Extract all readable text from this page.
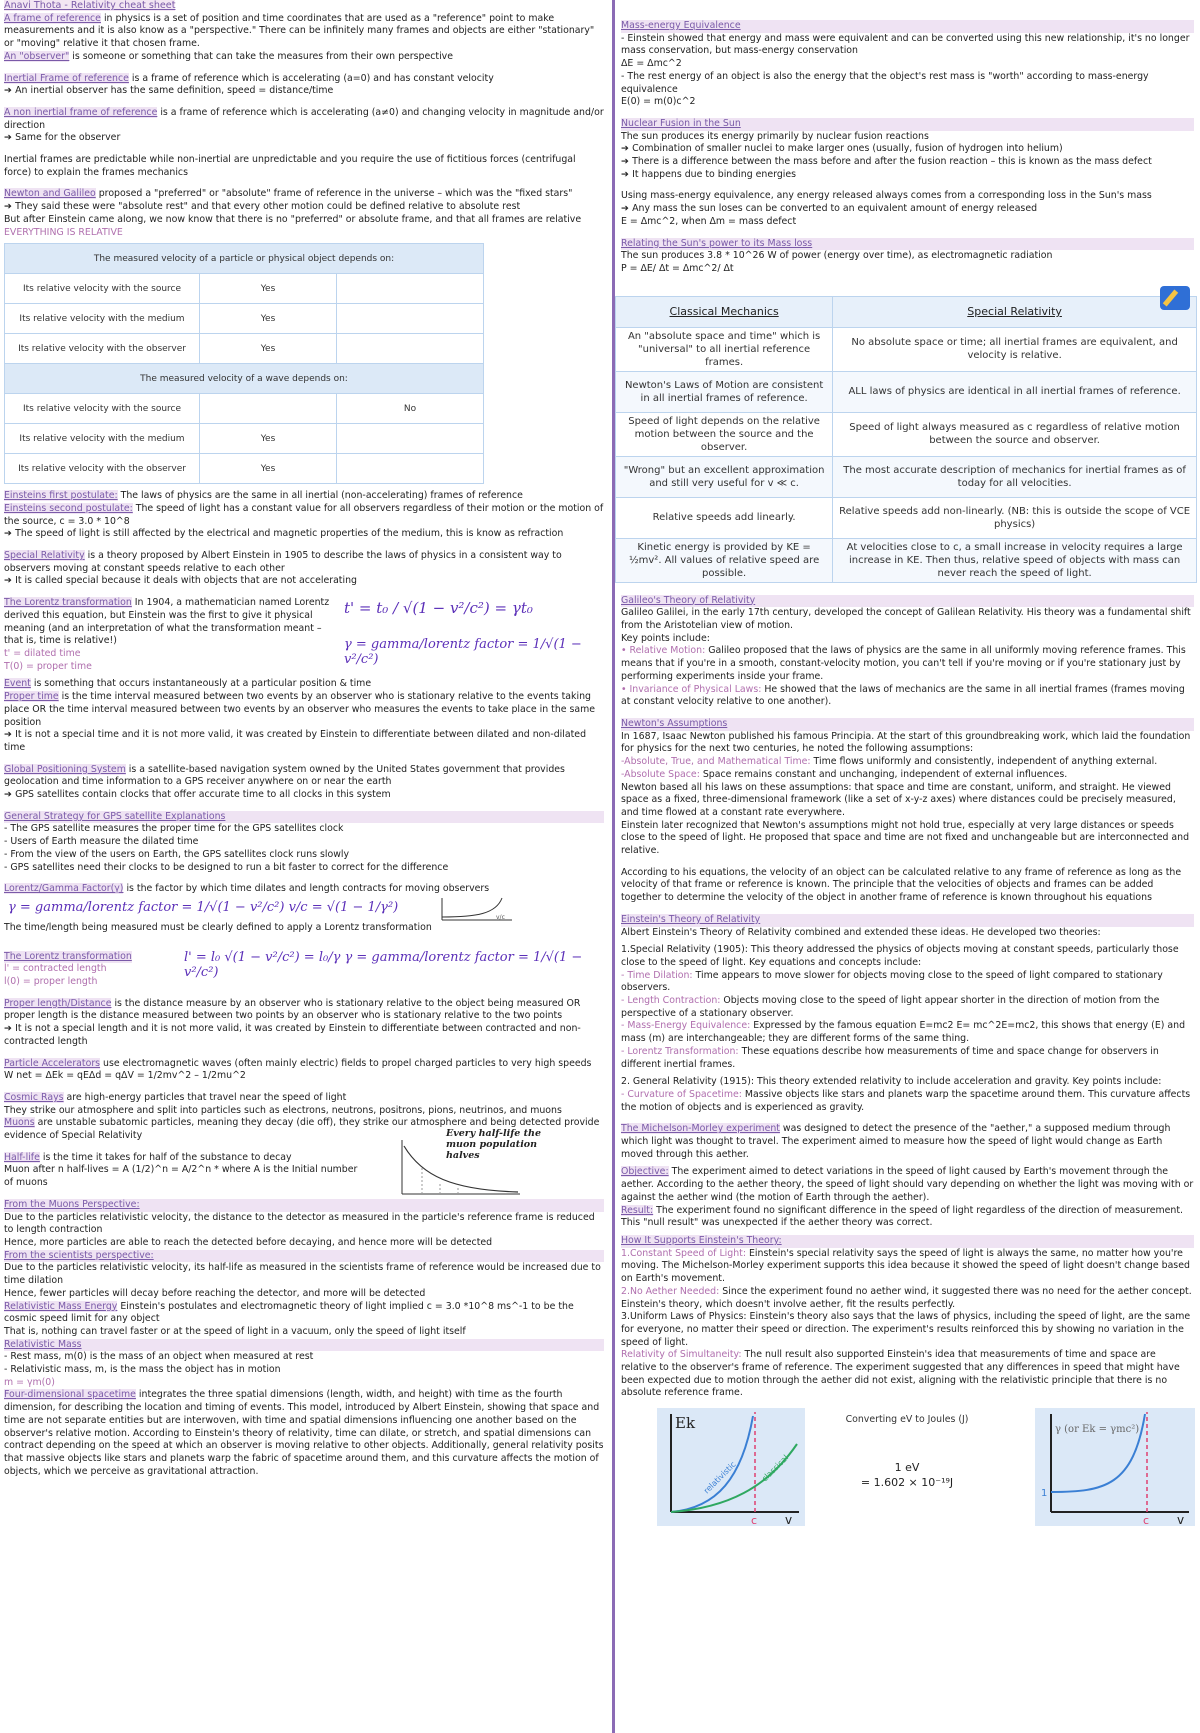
Anavi Thota - Relativity cheat sheet

A frame of reference in physics is a set of position and time coordinates that are used as a "reference" point to make measurements and it is also know as a "perspective." There can be infinitely many frames and objects are either "stationary" or "moving" relative it that chosen frame.

An "observer" is someone or something that can take the measures from their own perspective

Inertial Frame of reference is a frame of reference which is accelerating (a=0) and has constant velocity

➔ An inertial observer has the same definition, speed = distance/time

A non inertial frame of reference is a frame of reference which is accelerating (a≠0) and changing velocity in magnitude and/or direction

➔ Same for the observer

Inertial frames are predictable while non-inertial are unpredictable and you require the use of fictitious forces (centrifugal force) to explain the frames mechanics

Newton and Galileo proposed a "preferred" or "absolute" frame of reference in the universe – which was the "fixed stars"

➔ They said these were "absolute rest" and that every other motion could be defined relative to absolute rest

But after Einstein came along, we now know that there is no "preferred" or absolute frame, and that all frames are relative

EVERYTHING IS RELATIVE

The measured velocity of a particle or physical object depends on:		
Its relative velocity with the source	Yes	
Its relative velocity with the medium	Yes	
Its relative velocity with the observer	Yes	
The measured velocity of a wave depends on:		
Its relative velocity with the source		No
Its relative velocity with the medium	Yes	
Its relative velocity with the observer	Yes	

Einsteins first postulate: The laws of physics are the same in all inertial (non-accelerating) frames of reference

Einsteins second postulate: The speed of light has a constant value for all observers regardless of their motion or the motion of the source, c = 3.0 * 10^8

➔ The speed of light is still affected by the electrical and magnetic properties of the medium, this is know as refraction

Special Relativity is a theory proposed by Albert Einstein in 1905 to describe the laws of physics in a consistent way to observers moving at constant speeds relative to each other

➔ It is called special because it deals with objects that are not accelerating

The Lorentz transformation In 1904, a mathematician named Lorentz derived this equation, but Einstein was the first to give it physical meaning (and an interpretation of what the transformation meant – that is, time is relative!)

t' = dilated time

T(0) = proper time

t' = t₀ / √(1 − v²/c²) = γt₀
γ = gamma/lorentz factor = 1/√(1 − v²/c²)

Event is something that occurs instantaneously at a particular position & time

Proper time is the time interval measured between two events by an observer who is stationary relative to the events taking place OR the time interval measured between two events by an observer who measures the events to take place in the same position

➔ It is not a special time and it is not more valid, it was created by Einstein to differentiate between dilated and non-dilated time

Global Positioning System is a satellite-based navigation system owned by the United States government that provides geolocation and time information to a GPS receiver anywhere on or near the earth

➔ GPS satellites contain clocks that offer accurate time to all clocks in this system

General Strategy for GPS satellite Explanations

- The GPS satellite measures the proper time for the GPS satellites clock

- Users of Earth measure the dilated time

- From the view of the users on Earth, the GPS satellites clock runs slowly

- GPS satellites need their clocks to be designed to run a bit faster to correct for the difference

Lorentz/Gamma Factor(γ) is the factor by which time dilates and length contracts for moving observers

γ = gamma/lorentz factor = 1/√(1 − v²/c²) v/c = √(1 − 1/γ²)
v/c

The time/length being measured must be clearly defined to apply a Lorentz transformation

The Lorentz transformation

l' = contracted length

l(0) = proper length

l' = l₀ √(1 − v²/c²) = l₀/γ γ = gamma/lorentz factor = 1/√(1 − v²/c²)

Proper length/Distance is the distance measure by an observer who is stationary relative to the object being measured OR proper length is the distance measured between two points by an observer who is stationary relative to the two points

➔ It is not a special length and it is not more valid, it was created by Einstein to differentiate between contracted and non-contracted length

Particle Accelerators use electromagnetic waves (often mainly electric) fields to propel charged particles to very high speeds

W net = ΔEk = qEΔd = qΔV = 1/2mv^2 – 1/2mu^2

Cosmic Rays are high-energy particles that travel near the speed of light

They strike our atmosphere and split into particles such as electrons, neutrons, positrons, pions, neutrinos, and muons

Muons are unstable subatomic particles, meaning they decay (die off), they strike our atmosphere and being detected provide evidence of Special Relativity

Half-life is the time it takes for half of the substance to decay

Muon after n half-lives = A (1/2)^n = A/2^n * where A is the Initial number of muons

Every half-life the muon population halves

From the Muons Perspective:

Due to the particles relativistic velocity, the distance to the detector as measured in the particle's reference frame is reduced to length contraction

Hence, more particles are able to reach the detected before decaying, and hence more will be detected

From the scientists perspective:

Due to the particles relativistic velocity, its half-life as measured in the scientists frame of reference would be increased due to time dilation

Hence, fewer particles will decay before reaching the detector, and more will be detected

Relativistic Mass Energy Einstein's postulates and electromagnetic theory of light implied c = 3.0 *10^8 ms^-1 to be the cosmic speed limit for any object

That is, nothing can travel faster or at the speed of light in a vacuum, only the speed of light itself

Relativistic Mass

- Rest mass, m(0) is the mass of an object when measured at rest

- Relativistic mass, m, is the mass the object has in motion

m = γm(0)

Four-dimensional spacetime integrates the three spatial dimensions (length, width, and height) with time as the fourth dimension, for describing the location and timing of events. This model, introduced by Albert Einstein, showing that space and time are not separate entities but are interwoven, with time and spatial dimensions influencing one another based on the observer's relative motion. According to Einstein's theory of relativity, time can dilate, or stretch, and spatial dimensions can contract depending on the speed at which an observer is moving relative to other objects. Additionally, general relativity posits that massive objects like stars and planets warp the fabric of spacetime around them, and this curvature affects the motion of objects, which we perceive as gravitational attraction.

Mass-energy Equivalence

- Einstein showed that energy and mass were equivalent and can be converted using this new relationship, it's no longer mass conservation, but mass-energy conservation

ΔE = Δmc^2

- The rest energy of an object is also the energy that the object's rest mass is "worth" according to mass-energy equivalence

E(0) = m(0)c^2

Nuclear Fusion in the Sun

The sun produces its energy primarily by nuclear fusion reactions

➔ Combination of smaller nuclei to make larger ones (usually, fusion of hydrogen into helium)

➔ There is a difference between the mass before and after the fusion reaction – this is known as the mass defect

➔ It happens due to binding energies

Using mass-energy equivalence, any energy released always comes from a corresponding loss in the Sun's mass

➔ Any mass the sun loses can be converted to an equivalent amount of energy released

E = Δmc^2, when Δm = mass defect

Relating the Sun's power to its Mass loss

The sun produces 3.8 * 10^26 W of power (energy over time), as electromagnetic radiation

P = ΔE/ Δt = Δmc^2/ Δt

Classical Mechanics	Special Relativity
An "absolute space and time" which is "universal" to all inertial reference frames.	No absolute space or time; all inertial frames are equivalent, and velocity is relative.
Newton's Laws of Motion are consistent in all inertial frames of reference.	ALL laws of physics are identical in all inertial frames of reference.
Speed of light depends on the relative motion between the source and the observer.	Speed of light always measured as c regardless of relative motion between the source and observer.
"Wrong" but an excellent approximation and still very useful for v ≪ c.	The most accurate description of mechanics for inertial frames as of today for all velocities.
Relative speeds add linearly.	Relative speeds add non-linearly. (NB: this is outside the scope of VCE physics)
Kinetic energy is provided by KE = ½mv². All values of relative speed are possible.	At velocities close to c, a small increase in velocity requires a large increase in KE. Then thus, relative speed of objects with mass can never reach the speed of light.

Galileo's Theory of Relativity

Galileo Galilei, in the early 17th century, developed the concept of Galilean Relativity. His theory was a fundamental shift from the Aristotelian view of motion.

Key points include:

• Relative Motion: Galileo proposed that the laws of physics are the same in all uniformly moving reference frames. This means that if you're in a smooth, constant-velocity motion, you can't tell if you're moving or if you're stationary just by performing experiments inside your frame.

• Invariance of Physical Laws: He showed that the laws of mechanics are the same in all inertial frames (frames moving at constant velocity relative to one another).

Newton's Assumptions

In 1687, Isaac Newton published his famous Principia. At the start of this groundbreaking work, which laid the foundation for physics for the next two centuries, he noted the following assumptions:

-Absolute, True, and Mathematical Time: Time flows uniformly and consistently, independent of anything external.

-Absolute Space: Space remains constant and unchanging, independent of external influences.

Newton based all his laws on these assumptions: that space and time are constant, uniform, and straight. He viewed space as a fixed, three-dimensional framework (like a set of x-y-z axes) where distances could be precisely measured, and time flowed at a constant rate everywhere.

Einstein later recognized that Newton's assumptions might not hold true, especially at very large distances or speeds close to the speed of light. He proposed that space and time are not fixed and unchangeable but are interconnected and relative.

According to his equations, the velocity of an object can be calculated relative to any frame of reference as long as the velocity of that frame or reference is known. The principle that the velocities of objects and frames can be added together to determine the velocity of the object in another frame of reference is known throughout his equations

Einstein's Theory of Relativity

Albert Einstein's Theory of Relativity combined and extended these ideas. He developed two theories:

1.Special Relativity (1905): This theory addressed the physics of objects moving at constant speeds, particularly those close to the speed of light. Key equations and concepts include:

- Time Dilation: Time appears to move slower for objects moving close to the speed of light compared to stationary observers.

- Length Contraction: Objects moving close to the speed of light appear shorter in the direction of motion from the perspective of a stationary observer.

- Mass-Energy Equivalence: Expressed by the famous equation E=mc2 E= mc^2E=mc2, this shows that energy (E) and mass (m) are interchangeable; they are different forms of the same thing.

- Lorentz Transformation: These equations describe how measurements of time and space change for observers in different inertial frames.

2. General Relativity (1915): This theory extended relativity to include acceleration and gravity. Key points include:

- Curvature of Spacetime: Massive objects like stars and planets warp the spacetime around them. This curvature affects the motion of objects and is experienced as gravity.

The Michelson-Morley experiment was designed to detect the presence of the "aether," a supposed medium through which light was thought to travel. The experiment aimed to measure how the speed of light would change as Earth moved through this aether.

Objective: The experiment aimed to detect variations in the speed of light caused by Earth's movement through the aether. According to the aether theory, the speed of light should vary depending on whether the light was moving with or against the aether wind (the motion of Earth through the aether).

Result: The experiment found no significant difference in the speed of light regardless of the direction of measurement. This "null result" was unexpected if the aether theory was correct.

How It Supports Einstein's Theory:

1.Constant Speed of Light: Einstein's special relativity says the speed of light is always the same, no matter how you're moving. The Michelson-Morley experiment supports this idea because it showed the speed of light doesn't change based on Earth's movement.

2.No Aether Needed: Since the experiment found no aether wind, it suggested there was no need for the aether concept. Einstein's theory, which doesn't involve aether, fit the results perfectly.

3.Uniform Laws of Physics: Einstein's theory also says that the laws of physics, including the speed of light, are the same for everyone, no matter their speed or direction. The experiment's results reinforced this by showing no variation in the speed of light.

Relativity of Simultaneity: The null result also supported Einstein's idea that measurements of time and space are relative to the observer's frame of reference. The experiment suggested that any differences in speed that might have been expected due to motion through the aether did not exist, aligning with the relativistic principle that there is no absolute reference frame.

Ek
c v
classical
relativistic
Converting eV to Joules (J)
1 eV
= 1.602 × 10⁻¹⁹J
γ (or Ek = γmc²)
1
c v
